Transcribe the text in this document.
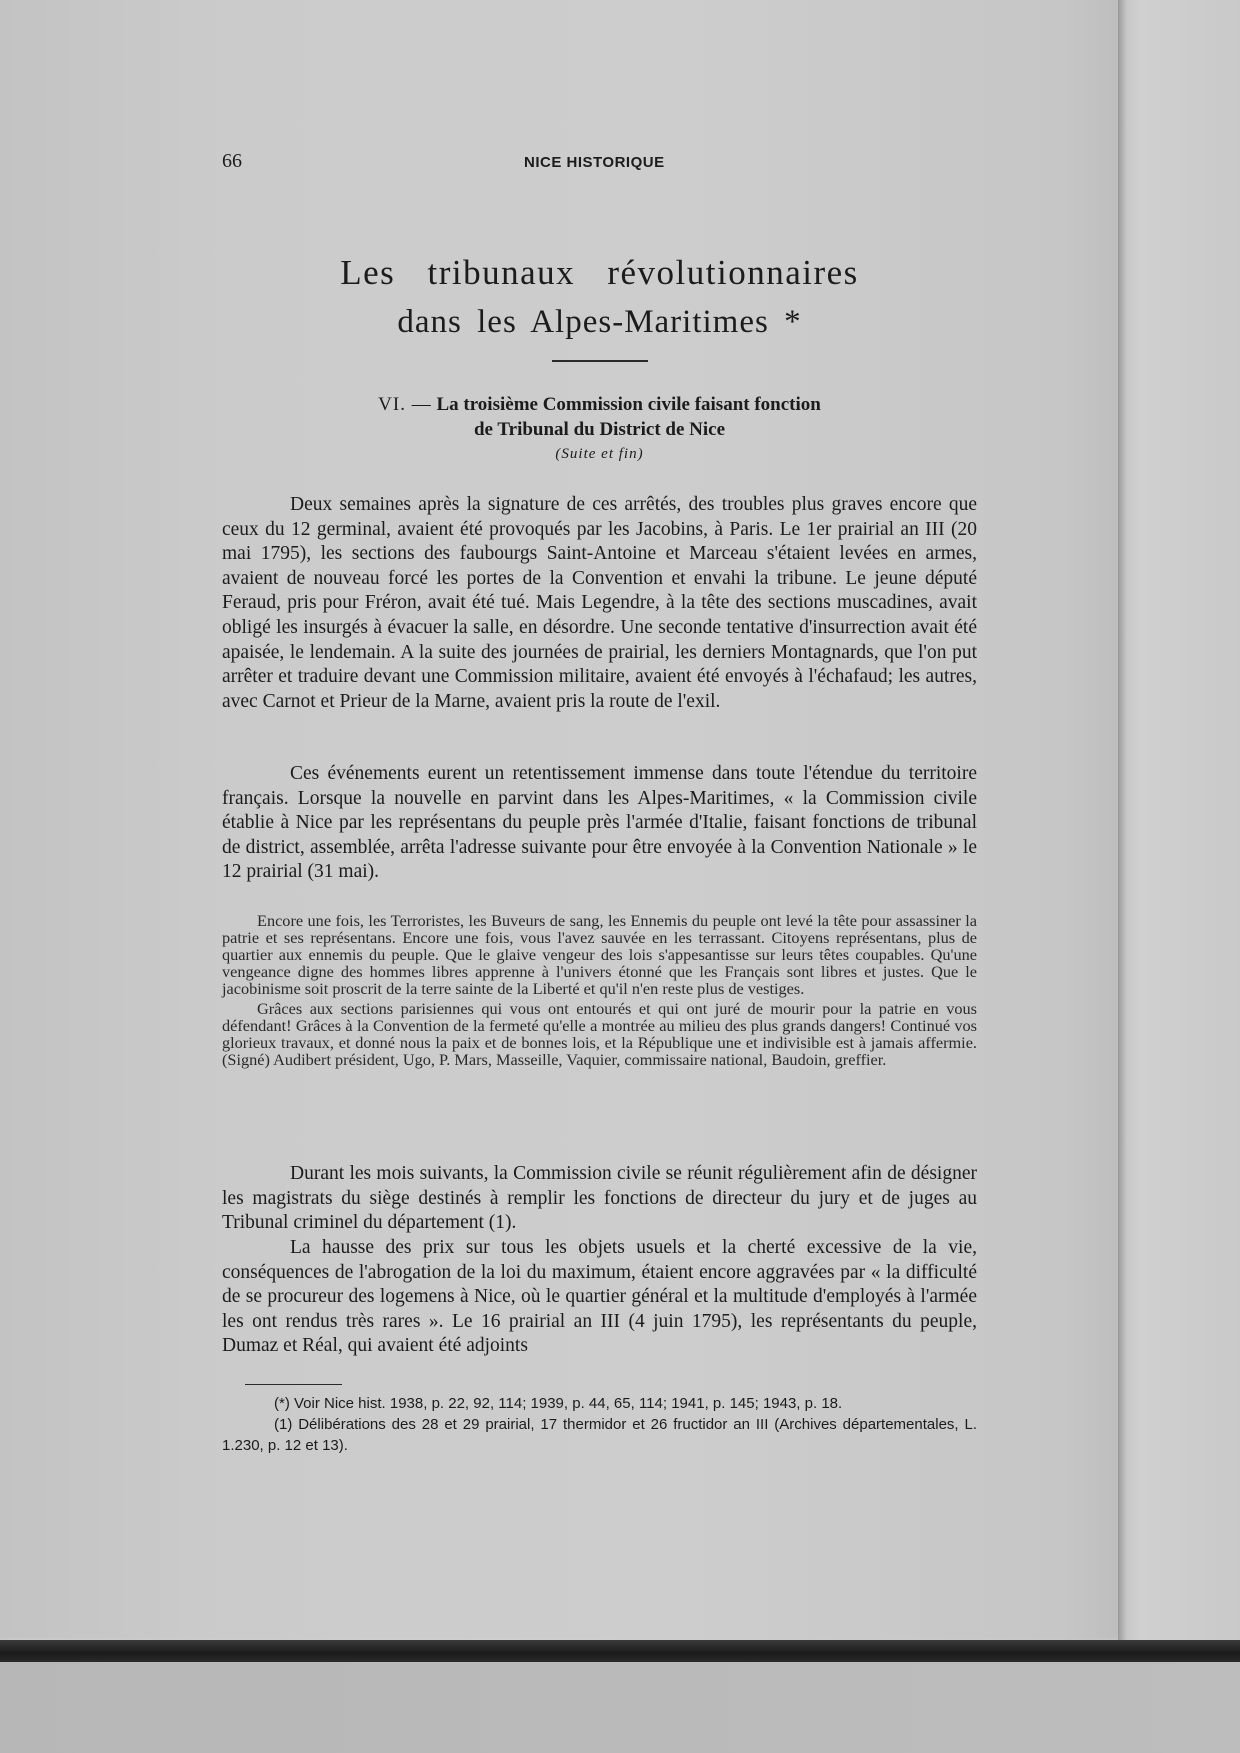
66	NICE HISTORIQUE
Les tribunaux révolutionnaires
dans les Alpes-Maritimes *
VI. — La troisième Commission civile faisant fonction
de Tribunal du District de Nice
(Suite et fin)

Deux semaines après la signature de ces arrêtés, des troubles plus graves encore que ceux du 12 germinal, avaient été provoqués par les Jacobins, à Paris. Le 1er prairial an III (20 mai 1795), les sections des faubourgs Saint-Antoine et Marceau s'étaient levées en armes, avaient de nouveau forcé les portes de la Convention et envahi la tribune. Le jeune député Feraud, pris pour Fréron, avait été tué. Mais Legendre, à la tête des sections muscadines, avait obligé les insurgés à évacuer la salle, en désordre. Une seconde tentative d'insurrection avait été apaisée, le lendemain. A la suite des journées de prairial, les derniers Montagnards, que l'on put arrêter et traduire devant une Commission militaire, avaient été envoyés à l'échafaud; les autres, avec Carnot et Prieur de la Marne, avaient pris la route de l'exil.

Ces événements eurent un retentissement immense dans toute l'étendue du territoire français. Lorsque la nouvelle en parvint dans les Alpes-Maritimes, « la Commission civile établie à Nice par les représentans du peuple près l'armée d'Italie, faisant fonctions de tribunal de district, assemblée, arrêta l'adresse suivante pour être envoyée à la Convention Nationale » le 12 prairial (31 mai).

Encore une fois, les Terroristes, les Buveurs de sang, les Ennemis du peuple ont levé la tête pour assassiner la patrie et ses représentans. Encore une fois, vous l'avez sauvée en les terrassant. Citoyens représentans, plus de quartier aux ennemis du peuple. Que le glaive vengeur des lois s'appesantisse sur leurs têtes coupables. Qu'une vengeance digne des hommes libres apprenne à l'univers étonné que les Français sont libres et justes. Que le jacobinisme soit proscrit de la terre sainte de la Liberté et qu'il n'en reste plus de vestiges.

Grâces aux sections parisiennes qui vous ont entourés et qui ont juré de mourir pour la patrie en vous défendant! Grâces à la Convention de la fermeté qu'elle a montrée au milieu des plus grands dangers! Continué vos glorieux travaux, et donné nous la paix et de bonnes lois, et la République une et indivisible est à jamais affermie. (Signé) Audibert président, Ugo, P. Mars, Masseille, Vaquier, commissaire national, Baudoin, greffier.

Durant les mois suivants, la Commission civile se réunit régulièrement afin de désigner les magistrats du siège destinés à remplir les fonctions de directeur du jury et de juges au Tribunal criminel du département (1).

La hausse des prix sur tous les objets usuels et la cherté excessive de la vie, conséquences de l'abrogation de la loi du maximum, étaient encore aggravées par « la difficulté de se procureur des logemens à Nice, où le quartier général et la multitude d'employés à l'armée les ont rendus très rares ». Le 16 prairial an III (4 juin 1795), les représentants du peuple, Dumaz et Réal, qui avaient été adjoints

(*) Voir Nice hist. 1938, p. 22, 92, 114; 1939, p. 44, 65, 114; 1941, p. 145; 1943, p. 18.

(1) Délibérations des 28 et 29 prairial, 17 thermidor et 26 fructidor an III (Archives départementales, L. 1.230, p. 12 et 13).
